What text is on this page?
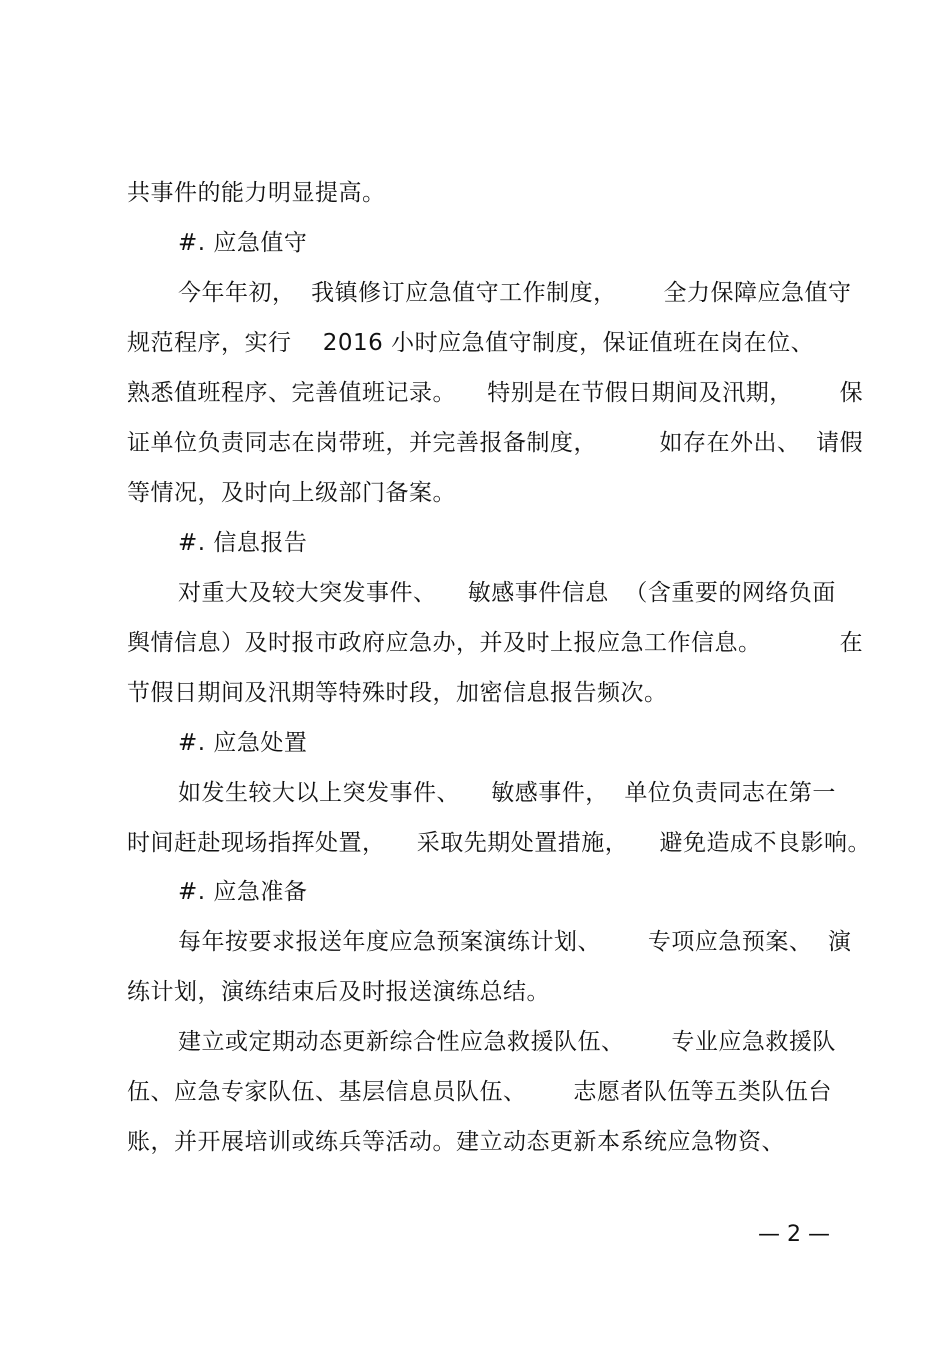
共事件的能力明显提高。
#. 应急值守
今年年初，  我镇修订应急值守工作制度，      全力保障应急值守
规范程序，实行    2016 小时应急值守制度，保证值班在岗在位、
熟悉值班程序、完善值班记录。    特别是在节假日期间及汛期，      保
证单位负责同志在岗带班，并完善报备制度，        如存在外出、  请假
等情况，及时向上级部门备案。
#. 信息报告
对重大及较大突发事件、    敏感事件信息  （含重要的网络负面
舆情信息）及时报市政府应急办，并及时上报应急工作信息。          在
节假日期间及汛期等特殊时段，加密信息报告频次。
#. 应急处置
如发生较大以上突发事件、    敏感事件，  单位负责同志在第一
时间赶赴现场指挥处置，    采取先期处置措施，    避免造成不良影响。
#. 应急准备
每年按要求报送年度应急预案演练计划、      专项应急预案、  演
练计划，演练结束后及时报送演练总结。
建立或定期动态更新综合性应急救援队伍、      专业应急救援队
伍、应急专家队伍、基层信息员队伍、      志愿者队伍等五类队伍台
账，并开展培训或练兵等活动。建立动态更新本系统应急物资、
— 2 —
